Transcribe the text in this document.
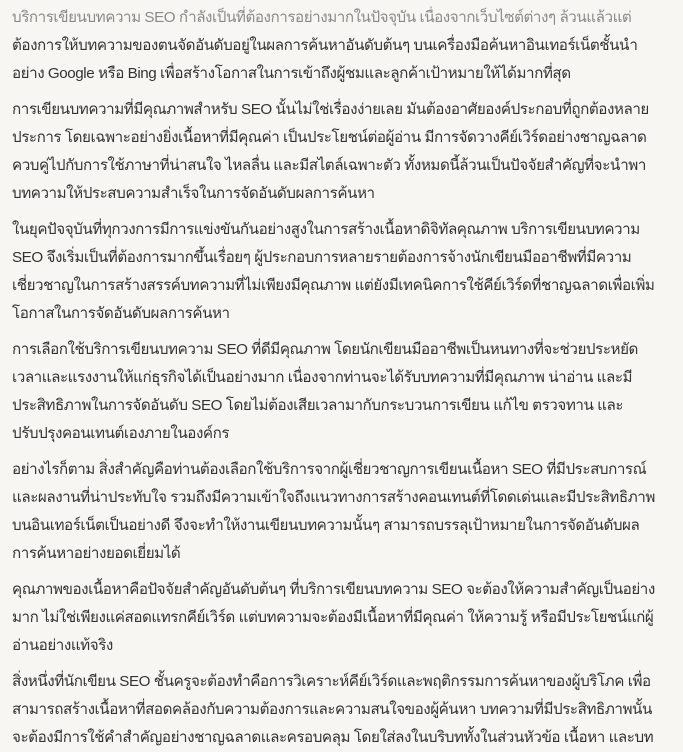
บริการเขียนบทความ SEO กำลังเป็นที่ต้องการอย่างมากในปัจจุบัน เนื่องจากเว็บไซต์ต่างๆ ล้วนแล้วแต่
ต้องการให้บทความของตนจัดอันดับอยู่ในผลการค้นหาอันดับต้นๆ บนเครื่องมือค้นหาอินเทอร์เน็ตชั้นนำ
อย่าง Google หรือ Bing เพื่อสร้างโอกาสในการเข้าถึงผู้ชมและลูกค้าเป้าหมายให้ได้มากที่สุด

การเขียนบทความที่มีคุณภาพสำหรับ SEO นั้นไม่ใช่เรื่องง่ายเลย มันต้องอาศัยองค์ประกอบที่ถูกต้องหลาย
ประการ โดยเฉพาะอย่างยิ่งเนื้อหาที่มีคุณค่า เป็นประโยชน์ต่อผู้อ่าน มีการจัดวางคีย์เวิร์ดอย่างชาญฉลาด
ควบคู่ไปกับการใช้ภาษาที่น่าสนใจ ไหลลื่น และมีสไตล์เฉพาะตัว ทั้งหมดนี้ล้วนเป็นปัจจัยสำคัญที่จะนำพา
บทความให้ประสบความสำเร็จในการจัดอันดับผลการค้นหา

ในยุคปัจจุบันที่ทุกวงการมีการแข่งขันกันอย่างสูงในการสร้างเนื้อหาดิจิทัลคุณภาพ บริการเขียนบทความ
SEO จึงเริ่มเป็นที่ต้องการมากขึ้นเรื่อยๆ ผู้ประกอบการหลายรายต้องการจ้างนักเขียนมืออาชีพที่มีความ
เชี่ยวชาญในการสร้างสรรค์บทความที่ไม่เพียงมีคุณภาพ แต่ยังมีเทคนิคการใช้คีย์เวิร์ดที่ชาญฉลาดเพื่อเพิ่ม
โอกาสในการจัดอันดับผลการค้นหา

การเลือกใช้บริการเขียนบทความ SEO ที่ดีมีคุณภาพ โดยนักเขียนมืออาชีพเป็นหนทางที่จะช่วยประหยัด
เวลาและแรงงานให้แก่ธุรกิจได้เป็นอย่างมาก เนื่องจากท่านจะได้รับบทความที่มีคุณภาพ น่าอ่าน และมี
ประสิทธิภาพในการจัดอันดับ SEO โดยไม่ต้องเสียเวลามากับกระบวนการเขียน แก้ไข ตรวจทาน และ
ปรับปรุงคอนเทนต์เองภายในองค์กร

อย่างไรก็ตาม สิ่งสำคัญคือท่านต้องเลือกใช้บริการจากผู้เชี่ยวชาญการเขียนเนื้อหา SEO ที่มีประสบการณ์
และผลงานที่น่าประทับใจ รวมถึงมีความเข้าใจถึงแนวทางการสร้างคอนเทนต์ที่โดดเด่นและมีประสิทธิภาพ
บนอินเทอร์เน็ตเป็นอย่างดี จึงจะทำให้งานเขียนบทความนั้นๆ สามารถบรรลุเป้าหมายในการจัดอันดับผล
การค้นหาอย่างยอดเยี่ยมได้

คุณภาพของเนื้อหาคือปัจจัยสำคัญอันดับต้นๆ ที่บริการเขียนบทความ SEO จะต้องให้ความสำคัญเป็นอย่าง
มาก ไม่ใช่เพียงแค่สอดแทรกคีย์เวิร์ด แต่บทความจะต้องมีเนื้อหาที่มีคุณค่า ให้ความรู้ หรือมีประโยชน์แก่ผู้
อ่านอย่างแท้จริง

สิ่งหนึ่งที่นักเขียน SEO ชั้นครูจะต้องทำคือการวิเคราะห์คีย์เวิร์ดและพฤติกรรมการค้นหาของผู้บริโภค เพื่อ
สามารถสร้างเนื้อหาที่สอดคล้องกับความต้องการและความสนใจของผู้ค้นหา บทความที่มีประสิทธิภาพนั้น
จะต้องมีการใช้คำสำคัญอย่างชาญฉลาดและครอบคลุม โดยใส่ลงในบริบททั้งในส่วนหัวข้อ เนื้อหา และบท
